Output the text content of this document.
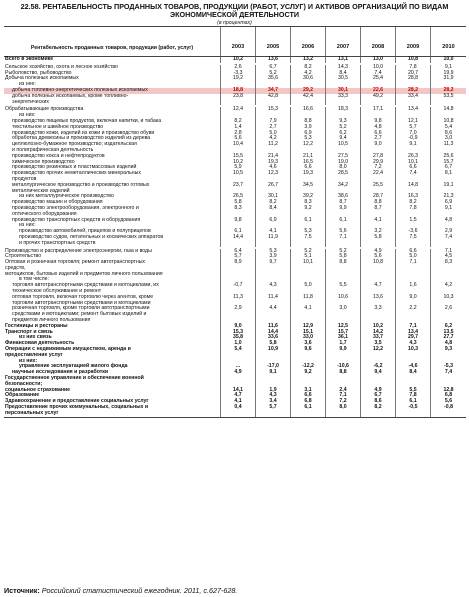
22.58. РЕНТАБЕЛЬНОСТЬ ПРОДАННЫХ ТОВАРОВ, ПРОДУКЦИИ (РАБОТ, УСЛУГ) И АКТИВОВ ОРГАНИЗАЦИЙ ПО ВИДАМ ЭКОНОМИЧЕСКОЙ ДЕЯТЕЛЬНОСТИ
(в процентах)
Рентабельность проданных товаров, продукции (работ, услуг)	2003	2005	2006	2007	2008	2009	2010
Всего в экономике	10,2	13,6	13,2	13,1	13,0	10,8	10,0
Сельское хозяйство, охота и лесное хозяйство	2,6	6,7	8,2	14,3	10,0	7,8	9,1
Рыболовство, рыбоводство	-3,3	5,2	4,2	8,4	7,4	20,7	19,9
Добыча полезных ископаемых	19,2	35,6	30,6	30,5	25,4	28,8	31,9
из нее:
добыча топливно-энергетических полезных ископаемых	18,8	34,7	29,2	30,1	22,6	28,2	28,2
добыча полезных ископаемых, кроме топливно-
энергетических
23,8	42,8	42,4	33,3	49,2	33,4	53,5
Обрабатывающие производства	12,4	15,3	16,6	18,3	17,1	13,4	14,8
из них:
производство пищевых продуктов, включая напитки, и табака	8,2	7,9	8,8	9,3	9,8	12,1	10,8
текстильное и швейное производство	1,4	2,7	3,9	5,2	4,8	5,7	5,4
производство кожи, изделий из кожи и производство обуви	2,8	5,0	6,9	6,2	6,6	7,0	8,6
обработка древесины и производство изделий из дерева	5,6	4,2	5,3	9,4	2,7	-0,9	3,0
целлюлозно-бумажное производство; издательская
и полиграфическая деятельность
10,4	11,2	12,2	10,5	9,0	9,1	11,3
производство кокса и нефтепродуктов	15,5	21,4	21,1	27,5	27,8	26,3	25,6
химическое производство	10,2	19,3	16,5	19,0	29,9	10,1	15,7
производство резиновых и пластмассовых изделий	5,9	4,6	6,6	8,0	7,2	6,6	6,7
производство прочих неметаллических минеральных
продуктов
10,5	12,3	19,3	28,5	22,4	7,4	8,1
металлургическое производство и производство готовых
металлических изделий
23,7	26,7	34,5	34,2	25,5	14,8	19,1
из них металлургическое производство	26,5	30,1	39,2	38,6	28,7	16,3	21,3
производство машин и оборудования	5,8	8,2	8,3	8,7	8,8	8,2	6,9
производство электрооборудования, электронного и
оптического оборудования
8,3	8,4	9,2	9,9	8,7	7,8	9,1
производство транспортных средств и оборудования	9,8	6,9	6,1	6,1	4,1	1,5	4,8
из них:
производство автомобилей, прицепов и полуприцепов	6,1	4,1	5,3	5,6	3,2	-3,6	2,9
производство судов, летательных и космических аппаратов
и прочих транспортных средств
14,4	11,9	7,5	7,1	5,8	7,5	7,4
Производство и распределение электроэнергии, газа и воды	6,4	5,3	5,2	5,2	4,9	6,6	7,1
Строительство	5,7	3,9	5,1	5,8	5,6	5,0	4,5
Оптовая и розничная торговля; ремонт автотранспортных
средств,
мотоциклов, бытовых изделий и предметов личного пользования
8,9	9,7	10,1	8,8	10,8	7,1	8,3
в том числе:
торговля автотранспортными средствами и мотоциклами, их
техническое обслуживание и ремонт
-0,7	4,3	5,0	5,5	4,7	1,6	4,2
оптовая торговля, включая торговлю через агентов, кроме
торговли автотранспортными средствами и мотоциклами
11,3	11,4	11,8	10,6	13,6	9,0	10,3
розничная торговля, кроме торговли автотранспортными
средствами и мотоциклами; ремонт бытовых изделий и
предметов личного пользования
2,9	4,4	4,1	3,0	3,3	2,2	2,6
Гостиницы и рестораны	9,0	11,6	12,9	12,5	10,2	7,1	6,2
Транспорт и связь	15,3	14,4	15,1	15,7	14,2	13,4	13,5
из них связь	35,8	33,6	33,0	36,1	33,7	29,7	27,7
Финансовая деятельность	1,0	5,8	3,6	1,7	3,5	4,3	4,8
Операции с недвижимым имуществом, аренда и
предоставление услуг
5,4	10,9	9,6	9,9	12,2	10,3	9,3
из них:
управление эксплуатацией жилого фонда	...	-17,0	-12,2	-10,6	-6,2	-4,6	-5,3
научные исследования и разработки	4,9	9,1	9,2	8,8	9,4	8,4	7,4
Государственное управление и обеспечение военной
безопасности;
социальное страхование	14,1	1,9	3,1	2,4	4,9	5,5	12,8
Образование	4,7	4,3	6,6	7,1	6,7	7,8	6,8
Здравоохранение и предоставление социальных услуг	4,1	3,4	6,8	7,2	8,6	6,1	5,6
Предоставление прочих коммунальных, социальных и
персональных услуг
0,4	5,7	6,1	8,0	8,2	-0,5	-0,8
Источник: Российский статистический ежегодник. 2011, с.627-628.
